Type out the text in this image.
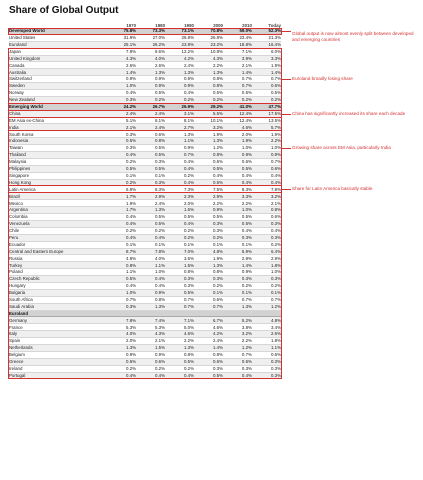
Share of Global Output
	1970	1980	1990	2000	2010	Today
Developed World	75.8%	73.3%	73.1%	70.8%	59.0%	52.3%
United States	31.9%	27.0%	26.8%	26.8%	23.4%	21.3%
Euroland	25.1%	26.2%	23.8%	23.2%	18.8%	16.4%
Japan	7.8%	9.6%	12.2%	10.8%	7.1%	6.0%
United Kingdom	4.3%	4.0%	4.2%	4.3%	3.9%	3.3%
Canada	2.6%	2.6%	2.4%	2.2%	2.1%	1.9%
Australia	1.4%	1.3%	1.3%	1.3%	1.4%	1.4%
Switzerland	0.9%	0.9%	0.9%	0.8%	0.7%	0.7%
Sweden	1.0%	0.9%	0.9%	0.8%	0.7%	0.6%
Norway	0.4%	0.5%	0.4%	0.5%	0.5%	0.5%
New Zealand	0.3%	0.2%	0.2%	0.2%	0.2%	0.2%
Emerging World	24.2%	26.7%	26.9%	29.2%	41.0%	47.7%
China	2.4%	2.4%	3.1%	5.5%	12.4%	17.5%
EM Asia ex-China	5.1%	6.1%	8.1%	10.1%	12.4%	13.5%
India	2.1%	2.4%	2.7%	3.2%	4.6%	5.7%
South Korea	0.3%	0.6%	1.3%	1.9%	2.0%	1.9%
Indonesia	0.5%	0.8%	1.1%	1.3%	1.9%	2.2%
Taiwan	0.3%	0.5%	0.9%	1.2%	1.0%	1.0%
Thailand	0.4%	0.5%	0.7%	0.8%	0.9%	0.9%
Malaysia	0.2%	0.3%	0.4%	0.6%	0.6%	0.7%
Philippines	0.5%	0.5%	0.4%	0.5%	0.5%	0.6%
Singapore	0.1%	0.1%	0.2%	0.4%	0.4%	0.4%
Hong Kong	0.2%	0.3%	0.4%	0.5%	0.4%	0.4%
Latin America	6.9%	8.3%	7.3%	7.5%	8.3%	7.8%
Brazil	1.7%	2.9%	2.3%	2.9%	3.3%	3.2%
Mexico	1.9%	2.4%	2.0%	2.2%	2.2%	2.1%
Argentina	1.7%	1.3%	1.5%	0.9%	1.0%	0.8%
Colombia	0.4%	0.5%	0.5%	0.5%	0.5%	0.6%
Venezuela	0.4%	0.5%	0.4%	0.3%	0.5%	0.3%
Chile	0.2%	0.2%	0.2%	0.3%	0.4%	0.4%
Peru	0.4%	0.4%	0.2%	0.2%	0.3%	0.3%
Ecuador	0.1%	0.1%	0.1%	0.1%	0.1%	0.2%
Central and Eastern Europe	8.7%	7.8%	7.0%	4.8%	5.9%	6.4%
Russia	4.9%	4.0%	3.6%	1.9%	2.9%	2.9%
Turkey	0.8%	1.1%	1.5%	1.3%	1.4%	1.8%
Poland	1.1%	1.0%	0.8%	0.8%	0.9%	1.0%
Czech Republic	0.5%	0.4%	0.3%	0.3%	0.3%	0.3%
Hungary	0.4%	0.4%	0.3%	0.2%	0.2%	0.2%
Bulgaria	1.0%	0.9%	0.5%	0.1%	0.1%	0.1%
South Africa	0.7%	0.8%	0.7%	0.6%	0.7%	0.7%
Saudi Arabia	0.3%	1.3%	0.7%	0.7%	1.3%	1.2%
Euroland						
Germany	7.8%	7.4%	7.1%	6.7%	5.2%	4.8%
France	5.3%	5.3%	5.0%	4.6%	3.8%	3.4%
Italy	4.0%	4.3%	4.6%	4.2%	3.2%	2.6%
Spain	2.0%	2.1%	2.2%	2.4%	2.2%	1.8%
Netherlands	1.3%	1.5%	1.3%	1.4%	1.2%	1.1%
Belgium	0.9%	0.9%	0.8%	0.8%	0.7%	0.6%
Greece	0.6%	0.6%	0.5%	0.6%	0.5%	0.3%
Ireland	0.2%	0.2%	0.2%	0.3%	0.3%	0.3%
Portugal	0.4%	0.4%	0.4%	0.5%	0.4%	0.3%
Global output is now almost evenly split between developed and emerging countries
China has significantly increased its share each decade
Growing share across EM Asia, particularly India
Share for Latin America basically stable
Euroland broadly losing share
